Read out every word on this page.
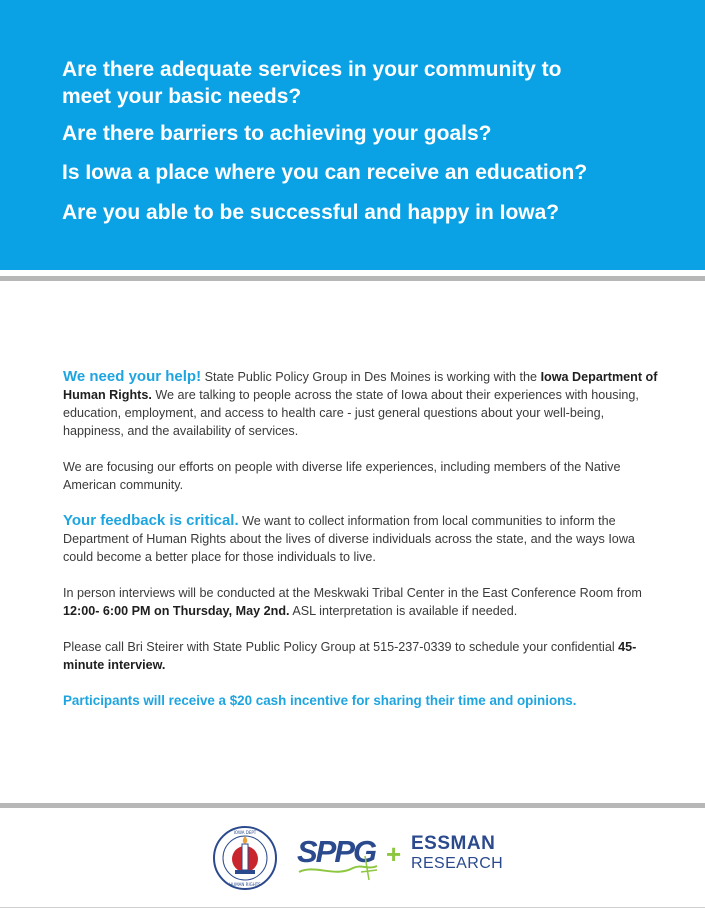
Are there adequate services in your community to
meet your basic needs?

Are there barriers to achieving your goals?

Is Iowa a place where you can receive an education?

Are you able to be successful and happy in Iowa?

We need your help! State Public Policy Group in Des Moines is working with the Iowa Department of Human Rights. We are talking to people across the state of Iowa about their experiences with housing, education, employment, and access to health care - just general questions about your well-being, happiness, and the availability of services.

We are focusing our efforts on people with diverse life experiences, including members of the Native American community.

Your feedback is critical. We want to collect information from local communities to inform the Department of Human Rights about the lives of diverse individuals across the state, and the ways Iowa could become a better place for those individuals to live.

In person interviews will be conducted at the Meskwaki Tribal Center in the East Conference Room from 12:00- 6:00 PM on Thursday, May 2nd. ASL interpretation is available if needed.

Please call Bri Steirer with State Public Policy Group at 515-237-0339 to schedule your confidential 45-minute interview.

Participants will receive a $20 cash incentive for sharing their time and opinions.

IOWA DEPT
HUMAN RIGHTS
SPPG + ESSMAN
RESEARCH
